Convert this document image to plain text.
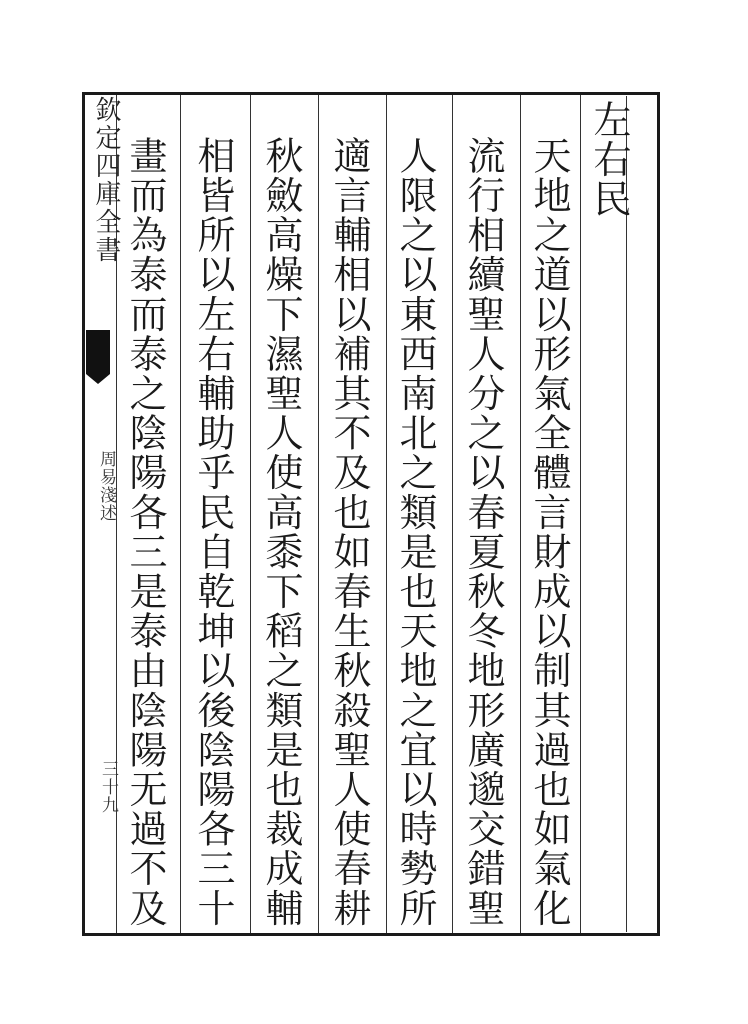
欽定四庫全書
周易淺述
三十九
左右民
天地之道以形氣全體言財成以制其過也如氣化
流行相續聖人分之以春夏秋冬地形廣邈交錯聖
人限之以東西南北之類是也天地之宜以時勢所
適言輔相以補其不及也如春生秋殺聖人使春耕
秋斂高燥下濕聖人使高黍下稻之類是也裁成輔
相皆所以左右輔助乎民自乾坤以後陰陽各三十
畫而為泰而泰之陰陽各三是泰由陰陽无過不及
